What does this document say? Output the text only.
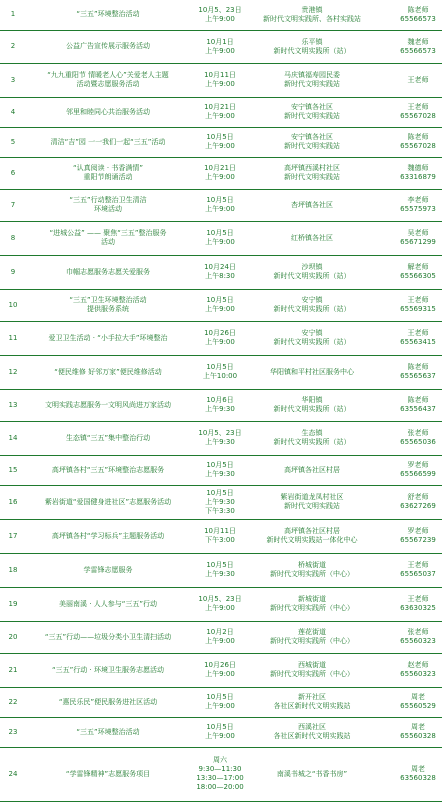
1	“三五”环境整治活动	10月5、23日
上午9:00	贵港镇
新时代文明实践所、各村实践站	陈老师
65566573
2	公益广告宣传展示服务活动	10月1日
上午9:00	乐平镇
新时代文明实践所（站）	魏老师
65566573
3	“九九重阳节 情暖老人心”关爱老人主题
活动暨志愿服务活动	10月11日
上午9:00	马庆镇福寿园民委
新时代文明实践站	王老师

4	邻里和睦同心共治服务活动	10月21日
上午9:00	安宁镇各社区
新时代文明实践站	王老师
65567028
5	清洁“吉”园 一一我们一起“三五”活动	10月5日
上午9:00	安宁镇各社区
新时代文明实践站	陈老师
65567028
6	“认真阅读 · 书香满情”
重阳节朗诵活动	10月21日
上午9:00	高坪镇西溪村社区
新时代文明实践站	魏德师
63316879
7	“三五”行动整治卫生清洁
环境活动	10月5日
上午9:00	杏坪镇各社区	李老师
65575973
8	“进城公益” —— 聚焦“三五”整治服务
活动	10月5日
上午9:00	红桥镇各社区	吴老师
65671299
9	巾帼志愿服务志愿关爱服务	10月24日
上午8:30	沙坝镇
新时代文明实践所（站）	解老师
65566305
10	“三五”卫生环境整治活动
提供服务系统	10月5日
上午9:00	安宁镇
新时代文明实践所（站）	王老师
65569315
11	爱卫卫生活动 · “小手拉大手”环境整治	10月26日
上午9:00	安宁镇
新时代文明实践所（站）	王老师
65563415
12	“便民维修 好邻万家”便民维修活动	10月5日
上午10:00	华阳镇和平村社区服务中心	陈老师
65565637
13	文明实践志愿服务一文明风尚进万家活动	10月6日
上午9:30	华阳镇
新时代文明实践所（站）	陈老师
63556437
14	生态镇“三五”集中整治行动	10月5、23日
上午9:30	生态镇
新时代文明实践所（站）	张老师
65565036
15	高坪镇各村“三五”环境整治志愿服务	10月5日
上午9:30	高坪镇各社区村居	罗老师
65566599
16	紫岩街道“爱国健身进社区”志愿服务活动	10月5日
上午9:30
下午3:30	紫岩街道龙凤村社区
新时代文明实践站	舒老师
63627269
17	高坪镇各村“学习标兵”主题服务活动	10月11日
下午3:00	高坪镇各社区村居
新时代文明实践站一体化中心	罗老师
65567239
18	学雷锋志愿服务	10月5日
上午9:30	桥城街道
新时代文明实践所（中心）	王老师
65565037
19	美丽南溪 · 人人参与“三五”行动	10月5、23日
上午9:00	新城街道
新时代文明实践所（中心）	王老师
63630325
20	“三五”行动——垃圾分类小卫生清扫活动	10月2日
上午9:00	莲花街道
新时代文明实践所（中心）	张老师
65560323
21	“三五”行动 · 环境卫生服务志愿活动	10月26日
上午9:00	西城街道
新时代文明实践所（中心）	赵老师
65560323
22	“惠民乐民”便民服务进社区活动	10月5日
上午9:00	新开社区
各社区新时代文明实践站	周老
65560529
23	“三五”环境整治活动	10月5日
上午9:00	西溪社区
各社区新时代文明实践站	周老
65560328
24	“学雷锋精神”志愿服务项目	周六
9:30—11:30
13:30—17:00
18:00—20:00	南溪书城之“书香书房”	周老
63560328
